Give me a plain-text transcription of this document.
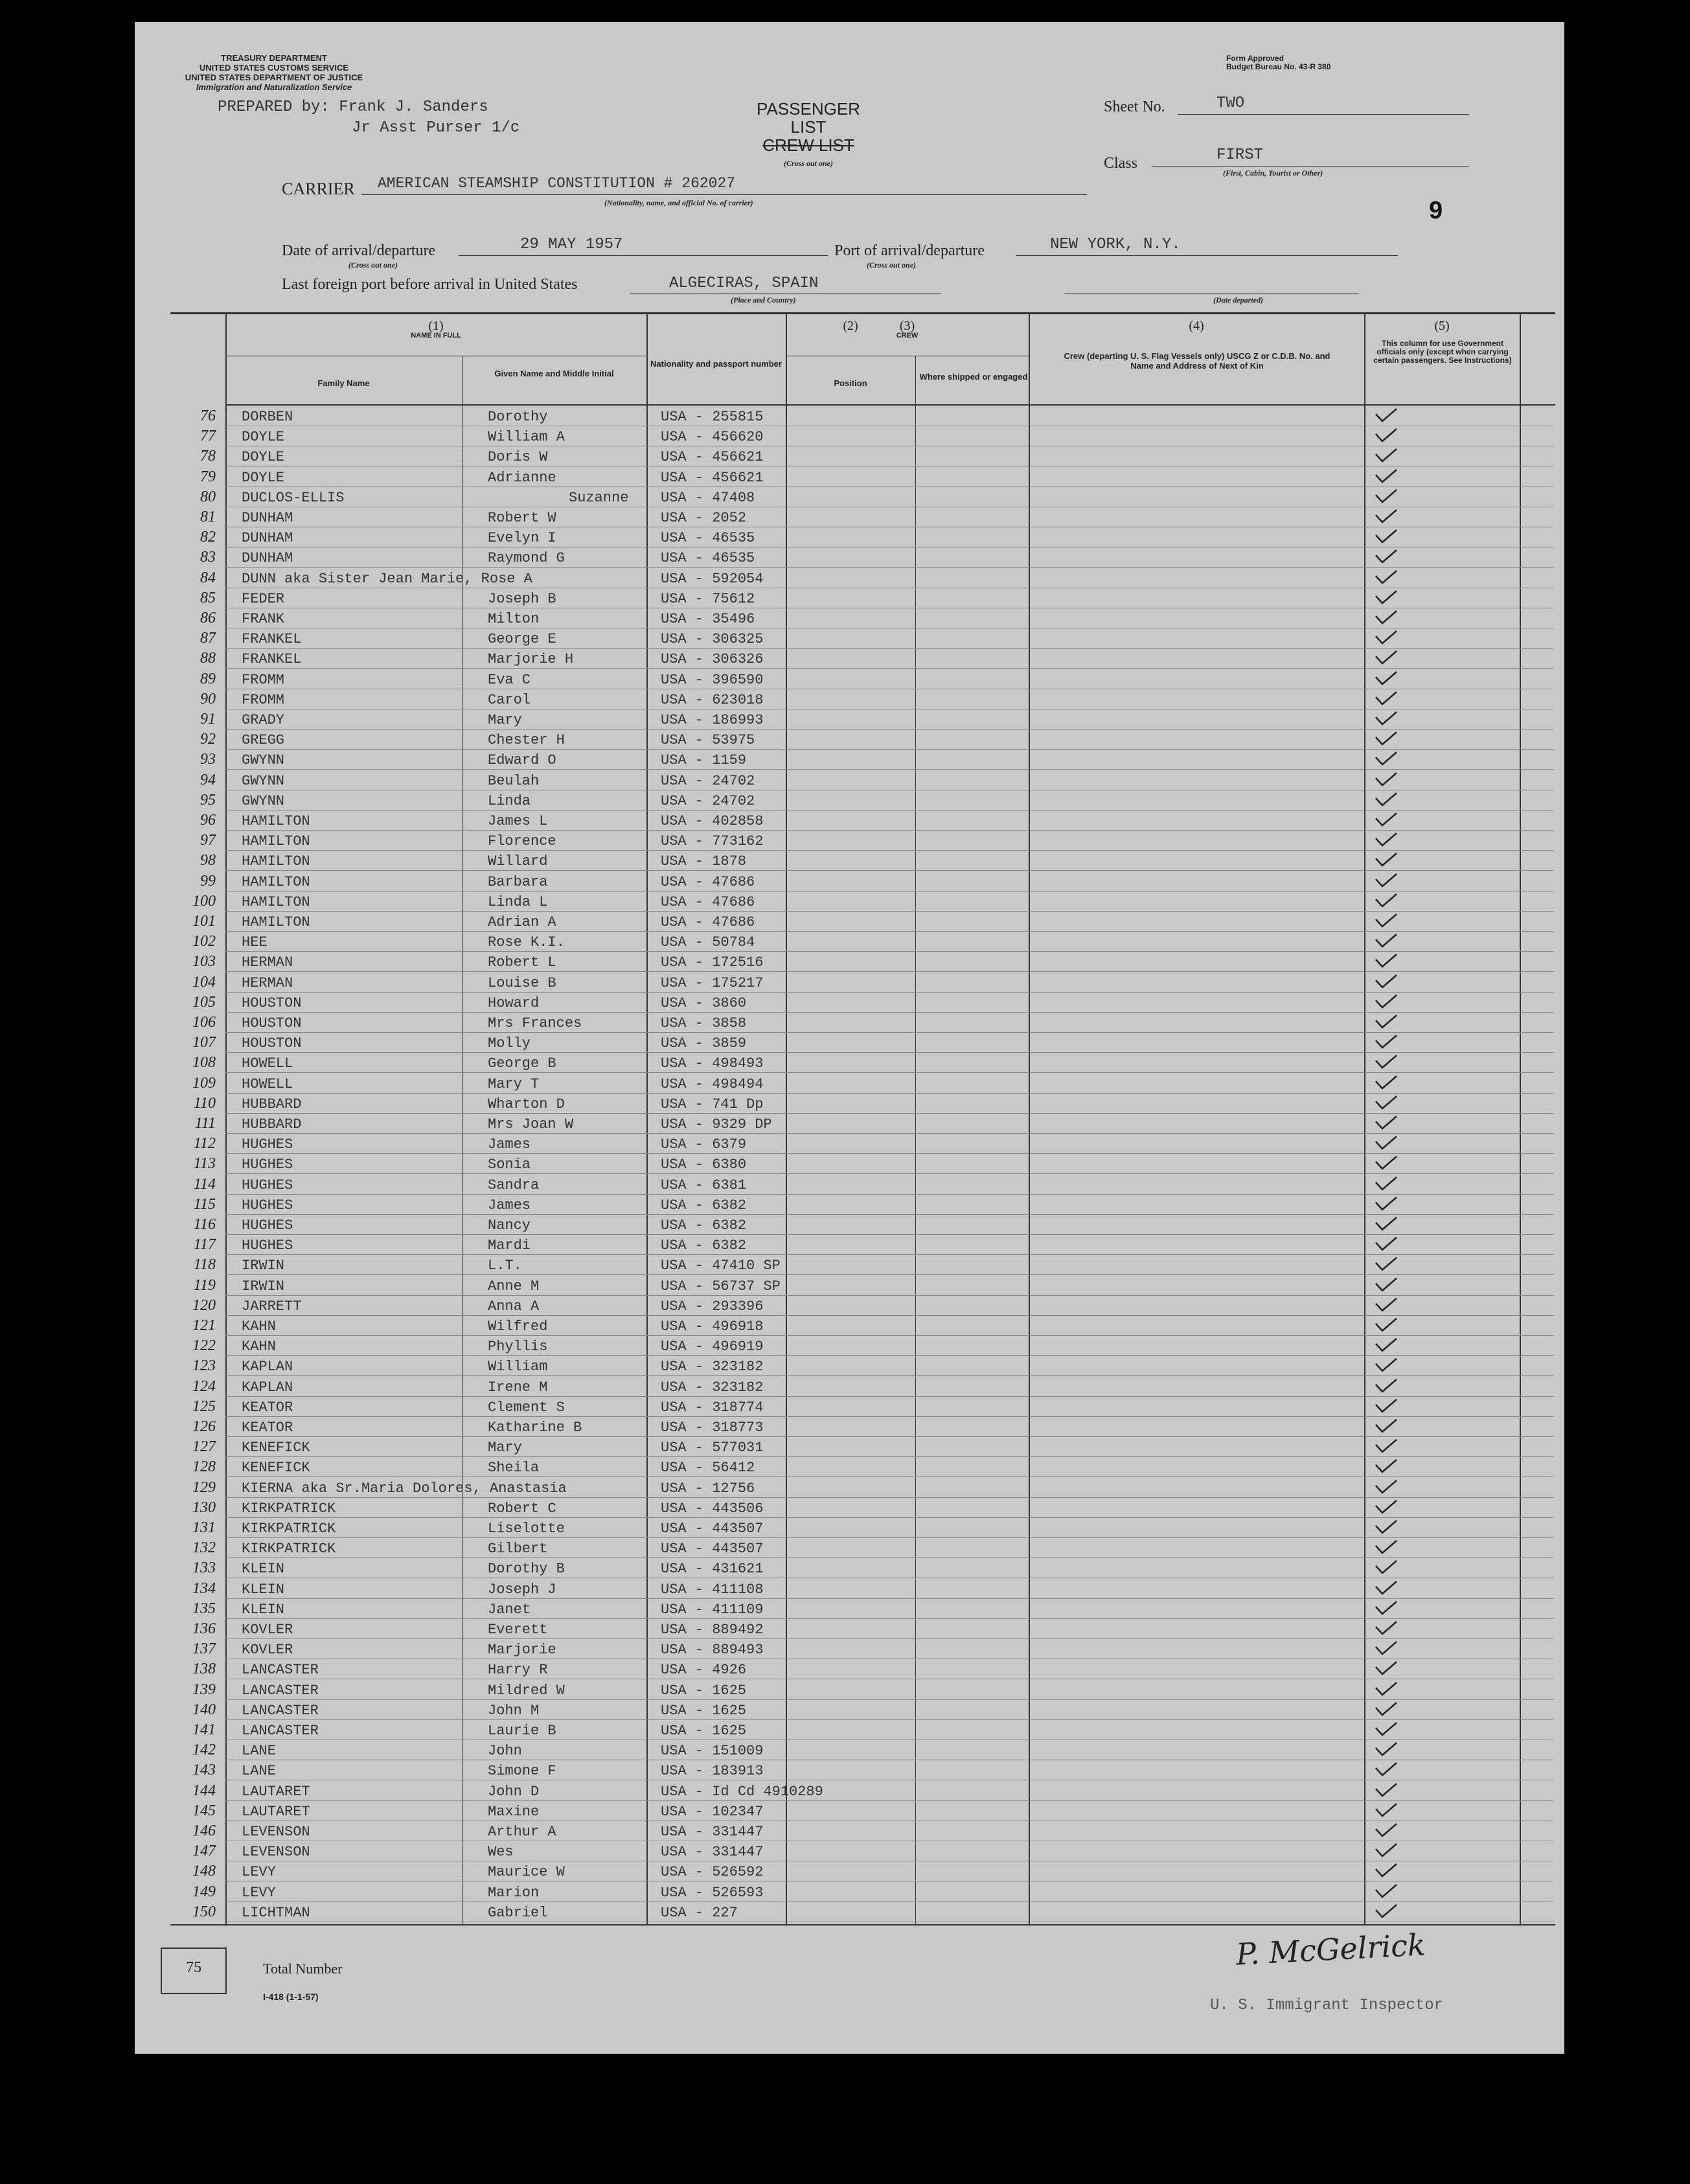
TREASURY DEPARTMENT
UNITED STATES CUSTOMS SERVICE
UNITED STATES DEPARTMENT OF JUSTICE
Immigration and Naturalization Service
PREPARED by: Frank J. Sanders
Jr Asst Purser 1/c
PASSENGER LIST
CREW LIST
(Cross out one)
Form Approved
Budget Bureau No. 43-R 380
Sheet No.	TWO
Class	FIRST
(First, Cabin, Tourist or Other)
9
CARRIER AMERICAN STEAMSHIP CONSTITUTION # 262027
(Nationality, name, and official No. of carrier)
Date of arrival/departure
(Cross out one)
29 MAY 1957	Port of arrival/departure
(Cross out one)
NEW YORK, N.Y.
Last foreign port before arrival in United States	ALGECIRAS, SPAIN
(Place and Country)	(Date departed)
(1)
NAME IN FULL
Family Name
Given Name and Middle Initial
(2)
Nationality and passport number
(3)
CREW
Position
Where shipped or engaged
(4)
Crew (departing U. S. Flag Vessels only) USCG Z or C.D.B. No. and Name and Address of Next of Kin
(5)
This column for use Government officials only (except when carrying certain passengers. See Instructions)
76 DORBEN	Dorothy	USA - 255815
77 DOYLE	William A	USA - 456620
78 DOYLE	Doris W	USA - 456621
79 DOYLE	Adrianne	USA - 456621
80 DUCLOS-ELLIS	Suzanne USA - 47408
81 DUNHAM	Robert W	USA - 2052
82 DUNHAM	Evelyn I	USA - 46535
83 DUNHAM	Raymond G	USA - 46535
84 DUNN aka Sister Jean Marie, Rose A	USA - 592054
85 FEDER	Joseph B	USA - 75612
86 FRANK	Milton	USA - 35496
87 FRANKEL	George E	USA - 306325
88 FRANKEL	Marjorie H	USA - 306326
89 FROMM	Eva C	USA - 396590
90 FROMM	Carol	USA - 623018
91 GRADY	Mary	USA - 186993
92 GREGG	Chester H	USA - 53975
93 GWYNN	Edward O	USA - 1159
94 GWYNN	Beulah	USA - 24702
95 GWYNN	Linda	USA - 24702
96 HAMILTON	James L	USA - 402858
97 HAMILTON	Florence	USA - 773162
98 HAMILTON	Willard	USA - 1878
99 HAMILTON	Barbara	USA - 47686
100 HAMILTON	Linda L	USA - 47686
101 HAMILTON	Adrian A	USA - 47686
102 HEE	Rose K.I.	USA - 50784
103 HERMAN	Robert L	USA - 172516
104 HERMAN	Louise B	USA - 175217
105 HOUSTON	Howard	USA - 3860
106 HOUSTON	Mrs Frances	USA - 3858
107 HOUSTON	Molly	USA - 3859
108 HOWELL	George B	USA - 498493
109 HOWELL	Mary T	USA - 498494
110 HUBBARD	Wharton D	USA - 741 Dp
111 HUBBARD	Mrs Joan W	USA - 9329 DP
112 HUGHES	James	USA - 6379
113 HUGHES	Sonia	USA - 6380
114 HUGHES	Sandra	USA - 6381
115 HUGHES	James	USA - 6382
116 HUGHES	Nancy	USA - 6382
117 HUGHES	Mardi	USA - 6382
118 IRWIN	L.T.	USA - 47410 SP
119 IRWIN	Anne M	USA - 56737 SP
120 JARRETT	Anna A	USA - 293396
121 KAHN	Wilfred	USA - 496918
122 KAHN	Phyllis	USA - 496919
123 KAPLAN	William	USA - 323182
124 KAPLAN	Irene M	USA - 323182
125 KEATOR	Clement S	USA - 318774
126 KEATOR	Katharine B	USA - 318773
127 KENEFICK	Mary	USA - 577031
128 KENEFICK	Sheila	USA - 56412
129 KIERNA aka Sr.Maria Dolores, Anastasia	USA - 12756
130 KIRKPATRICK	Robert C	USA - 443506
131 KIRKPATRICK	Liselotte	USA - 443507
132 KIRKPATRICK	Gilbert	USA - 443507
133 KLEIN	Dorothy B	USA - 431621
134 KLEIN	Joseph J	USA - 411108
135 KLEIN	Janet	USA - 411109
136 KOVLER	Everett	USA - 889492
137 KOVLER	Marjorie	USA - 889493
138 LANCASTER	Harry R	USA - 4926
139 LANCASTER	Mildred W	USA - 1625
140 LANCASTER	John M	USA - 1625
141 LANCASTER	Laurie B	USA - 1625
142 LANE	John	USA - 151009
143 LANE	Simone F	USA - 183913
144 LAUTARET	John D	USA - Id Cd 4910289
145 LAUTARET	Maxine	USA - 102347
146 LEVENSON	Arthur A	USA - 331447
147 LEVENSON	Wes	USA - 331447
148 LEVY	Maurice W	USA - 526592
149 LEVY	Marion	USA - 526593
150 LICHTMAN	Gabriel	USA - 227
75	Total Number
I-418 (1-1-57)
P. McGelrick
U. S. Immigrant Inspector
